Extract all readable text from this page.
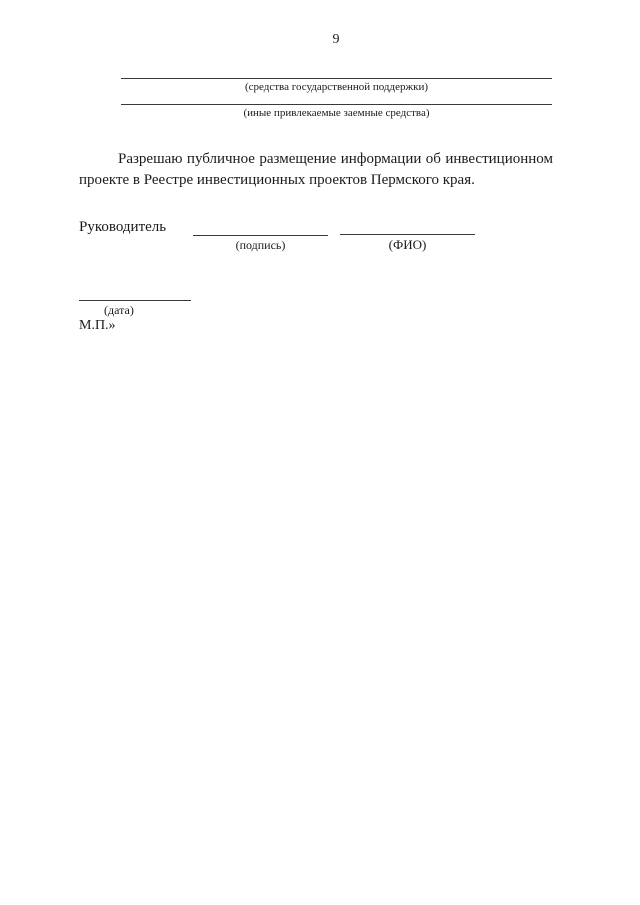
9
(средства государственной поддержки)
(иные привлекаемые заемные средства)
Разрешаю публичное размещение информации об инвестиционном
проекте в Реестре инвестиционных проектов Пермского края.
Руководитель
(подпись)	(ФИО)
(дата)
М.П.»
